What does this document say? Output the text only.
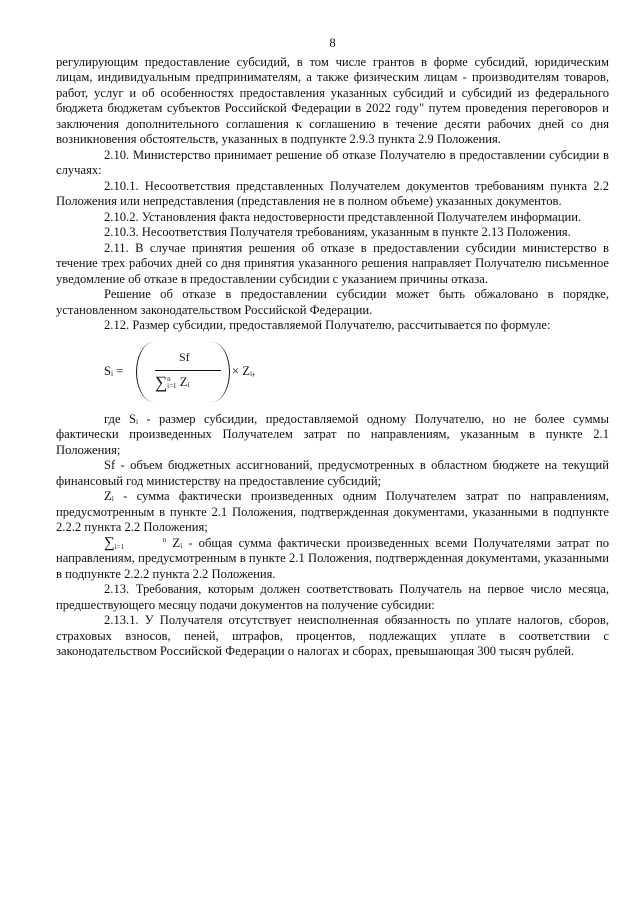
8

регулирующим предоставление субсидий, в том числе грантов в форме субсидий, юридическим лицам, индивидуальным предпринимателям, а также физическим лицам - производителям товаров, работ, услуг и об особенностях предоставления указанных субсидий и субсидий из федерального бюджета бюджетам субъектов Российской Федерации в 2022 году" путем проведения переговоров и заключения дополнительного соглашения к соглашению в течение десяти рабочих дней со дня возникновения обстоятельств, указанных в подпункте 2.9.3 пункта 2.9 Положения.

2.10. Министерство принимает решение об отказе Получателю в предоставлении субсидии в случаях:

2.10.1. Несоответствия представленных Получателем документов требованиям пункта 2.2 Положения или непредставления (представления не в полном объеме) указанных документов.

2.10.2. Установления факта недостоверности представленной Получателем информации.

2.10.3. Несоответствия Получателя требованиям, указанным в пункте 2.13 Положения.

2.11. В случае принятия решения об отказе в предоставлении субсидии министерство в течение трех рабочих дней со дня принятия указанного решения направляет Получателю письменное уведомление об отказе в предоставлении субсидии с указанием причины отказа.

Решение об отказе в предоставлении субсидии может быть обжаловано в порядке, установленном законодательством Российской Федерации.

2.12. Размер субсидии, предоставляемой Получателю, рассчитывается по формуле:

Sᵢ =
Sf
∑n
i=1 Zᵢ
× Zᵢ,

где Sᵢ - размер субсидии, предоставляемой одному Получателю, но не более суммы фактически произведенных Получателем затрат по направлениям, указанным в пункте 2.1 Положения;

Sf - объем бюджетных ассигнований, предусмотренных в областном бюджете на текущий финансовый год министерству на предоставление субсидий;

Zᵢ - сумма фактически произведенных одним Получателем затрат по направлениям, предусмотренным в пункте 2.1 Положения, подтвержденная документами, указанными в подпункте 2.2.2 пункта 2.2 Положения;

∑	n
i=1	Zᵢ - общая сумма фактически произведенных всеми Получателями затрат по направлениям, предусмотренным в пункте 2.1 Положения, подтвержденная документами, указанными в подпункте 2.2.2 пункта 2.2 Положения.

2.13. Требования, которым должен соответствовать Получатель на первое число месяца, предшествующего месяцу подачи документов на получение субсидии:

2.13.1. У Получателя отсутствует неисполненная обязанность по уплате налогов, сборов, страховых взносов, пеней, штрафов, процентов, подлежащих уплате в соответствии с законодательством Российской Федерации о налогах и сборах, превышающая 300 тысяч рублей.
